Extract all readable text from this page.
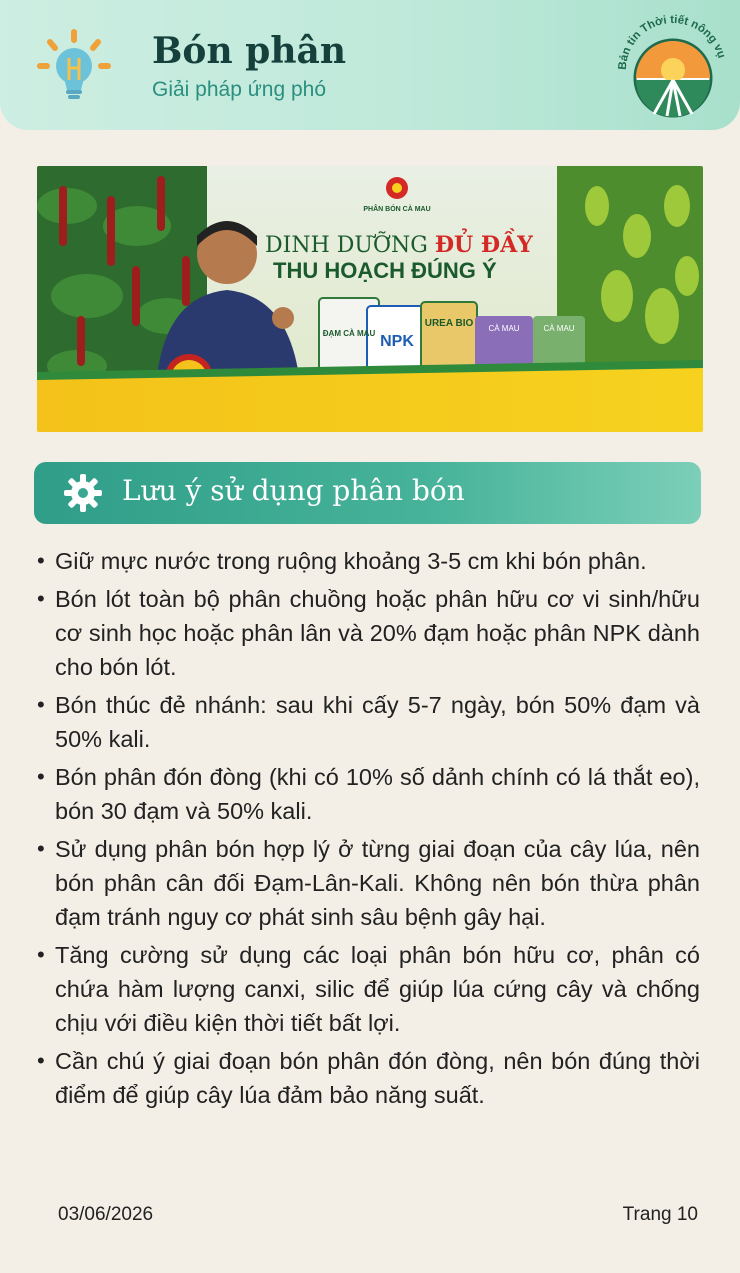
Bón phân
Giải pháp ứng phó
Bản tin Thời tiết nông vụ
PHÂN BÓN CÀ MAU
DINH DƯỠNG ĐỦ ĐẦY
THU HOẠCH ĐÚNG Ý
ĐẠM CÀ MAU NPK
UREA BIO CÀ MAU	CÀ MAU
Lưu ý sử dụng phân bón
• Giữ mực nước trong ruộng khoảng 3-5 cm khi bón phân.
• Bón lót toàn bộ phân chuồng hoặc phân hữu cơ vi sinh/hữu cơ sinh học hoặc phân lân và 20% đạm hoặc phân NPK dành cho bón lót.
• Bón thúc đẻ nhánh: sau khi cấy 5-7 ngày, bón 50% đạm và 50% kali.
• Bón phân đón đòng (khi có 10% số dảnh chính có lá thắt eo), bón 30 đạm và 50% kali.
• Sử dụng phân bón hợp lý ở từng giai đoạn của cây lúa, nên bón phân cân đối Đạm-Lân-Kali. Không nên bón thừa phân đạm tránh nguy cơ phát sinh sâu bệnh gây hại.
• Tăng cường sử dụng các loại phân bón hữu cơ, phân có chứa hàm lượng canxi, silic để giúp lúa cứng cây và chống chịu với điều kiện thời tiết bất lợi.
• Cần chú ý giai đoạn bón phân đón đòng, nên bón đúng thời điểm để giúp cây lúa đảm bảo năng suất.
03/06/2026	Trang 10
